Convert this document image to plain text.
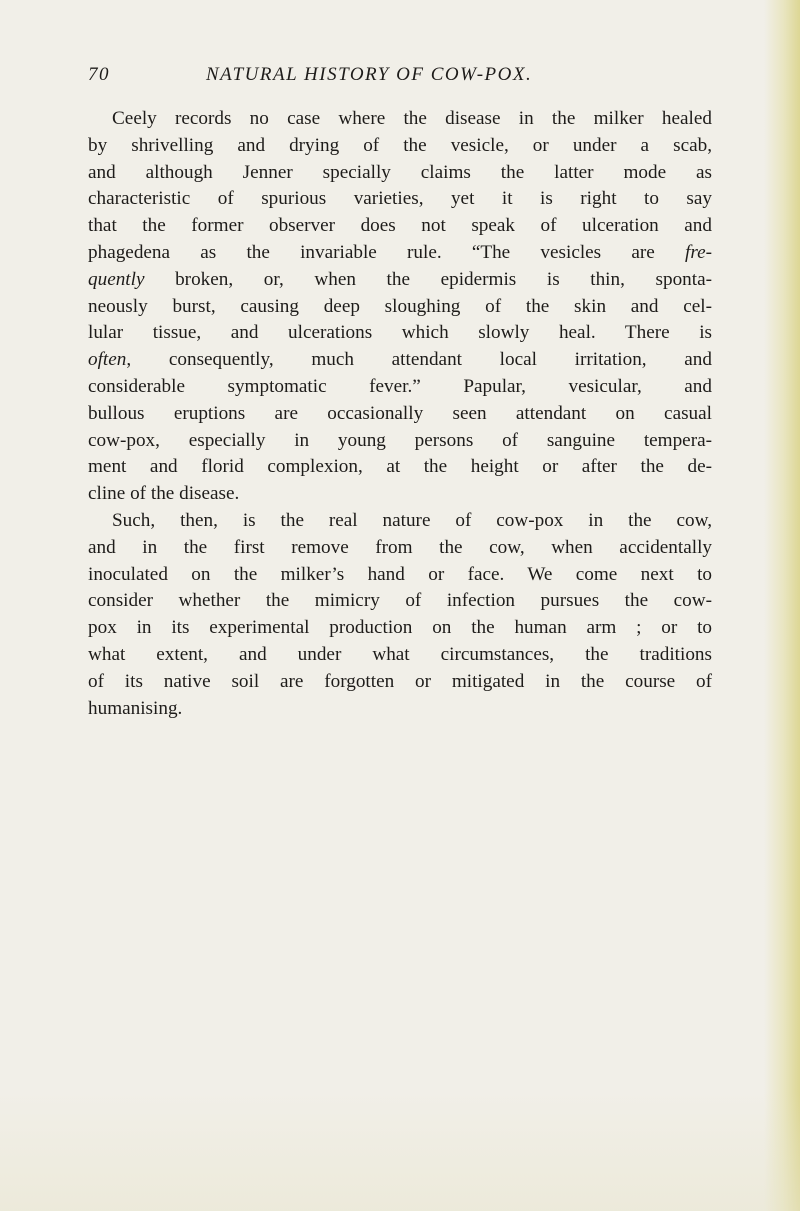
70	NATURAL HISTORY OF COW-POX.
Ceely records no case where the disease in the milker healed
by shrivelling and drying of the vesicle, or under a scab,
and although Jenner specially claims the latter mode as
characteristic of spurious varieties, yet it is right to say
that the former observer does not speak of ulceration and
phagedena as the invariable rule. “The vesicles are fre-
quently broken, or, when the epidermis is thin, sponta-
neously burst, causing deep sloughing of the skin and cel-
lular tissue, and ulcerations which slowly heal. There is
often, consequently, much attendant local irritation, and
considerable symptomatic fever.” Papular, vesicular, and
bullous eruptions are occasionally seen attendant on casual
cow-pox, especially in young persons of sanguine tempera-
ment and florid complexion, at the height or after the de-
cline of the disease.
Such, then, is the real nature of cow-pox in the cow,
and in the first remove from the cow, when accidentally
inoculated on the milker’s hand or face. We come next to
consider whether the mimicry of infection pursues the cow-
pox in its experimental production on the human arm ; or to
what extent, and under what circumstances, the traditions
of its native soil are forgotten or mitigated in the course of
humanising.
